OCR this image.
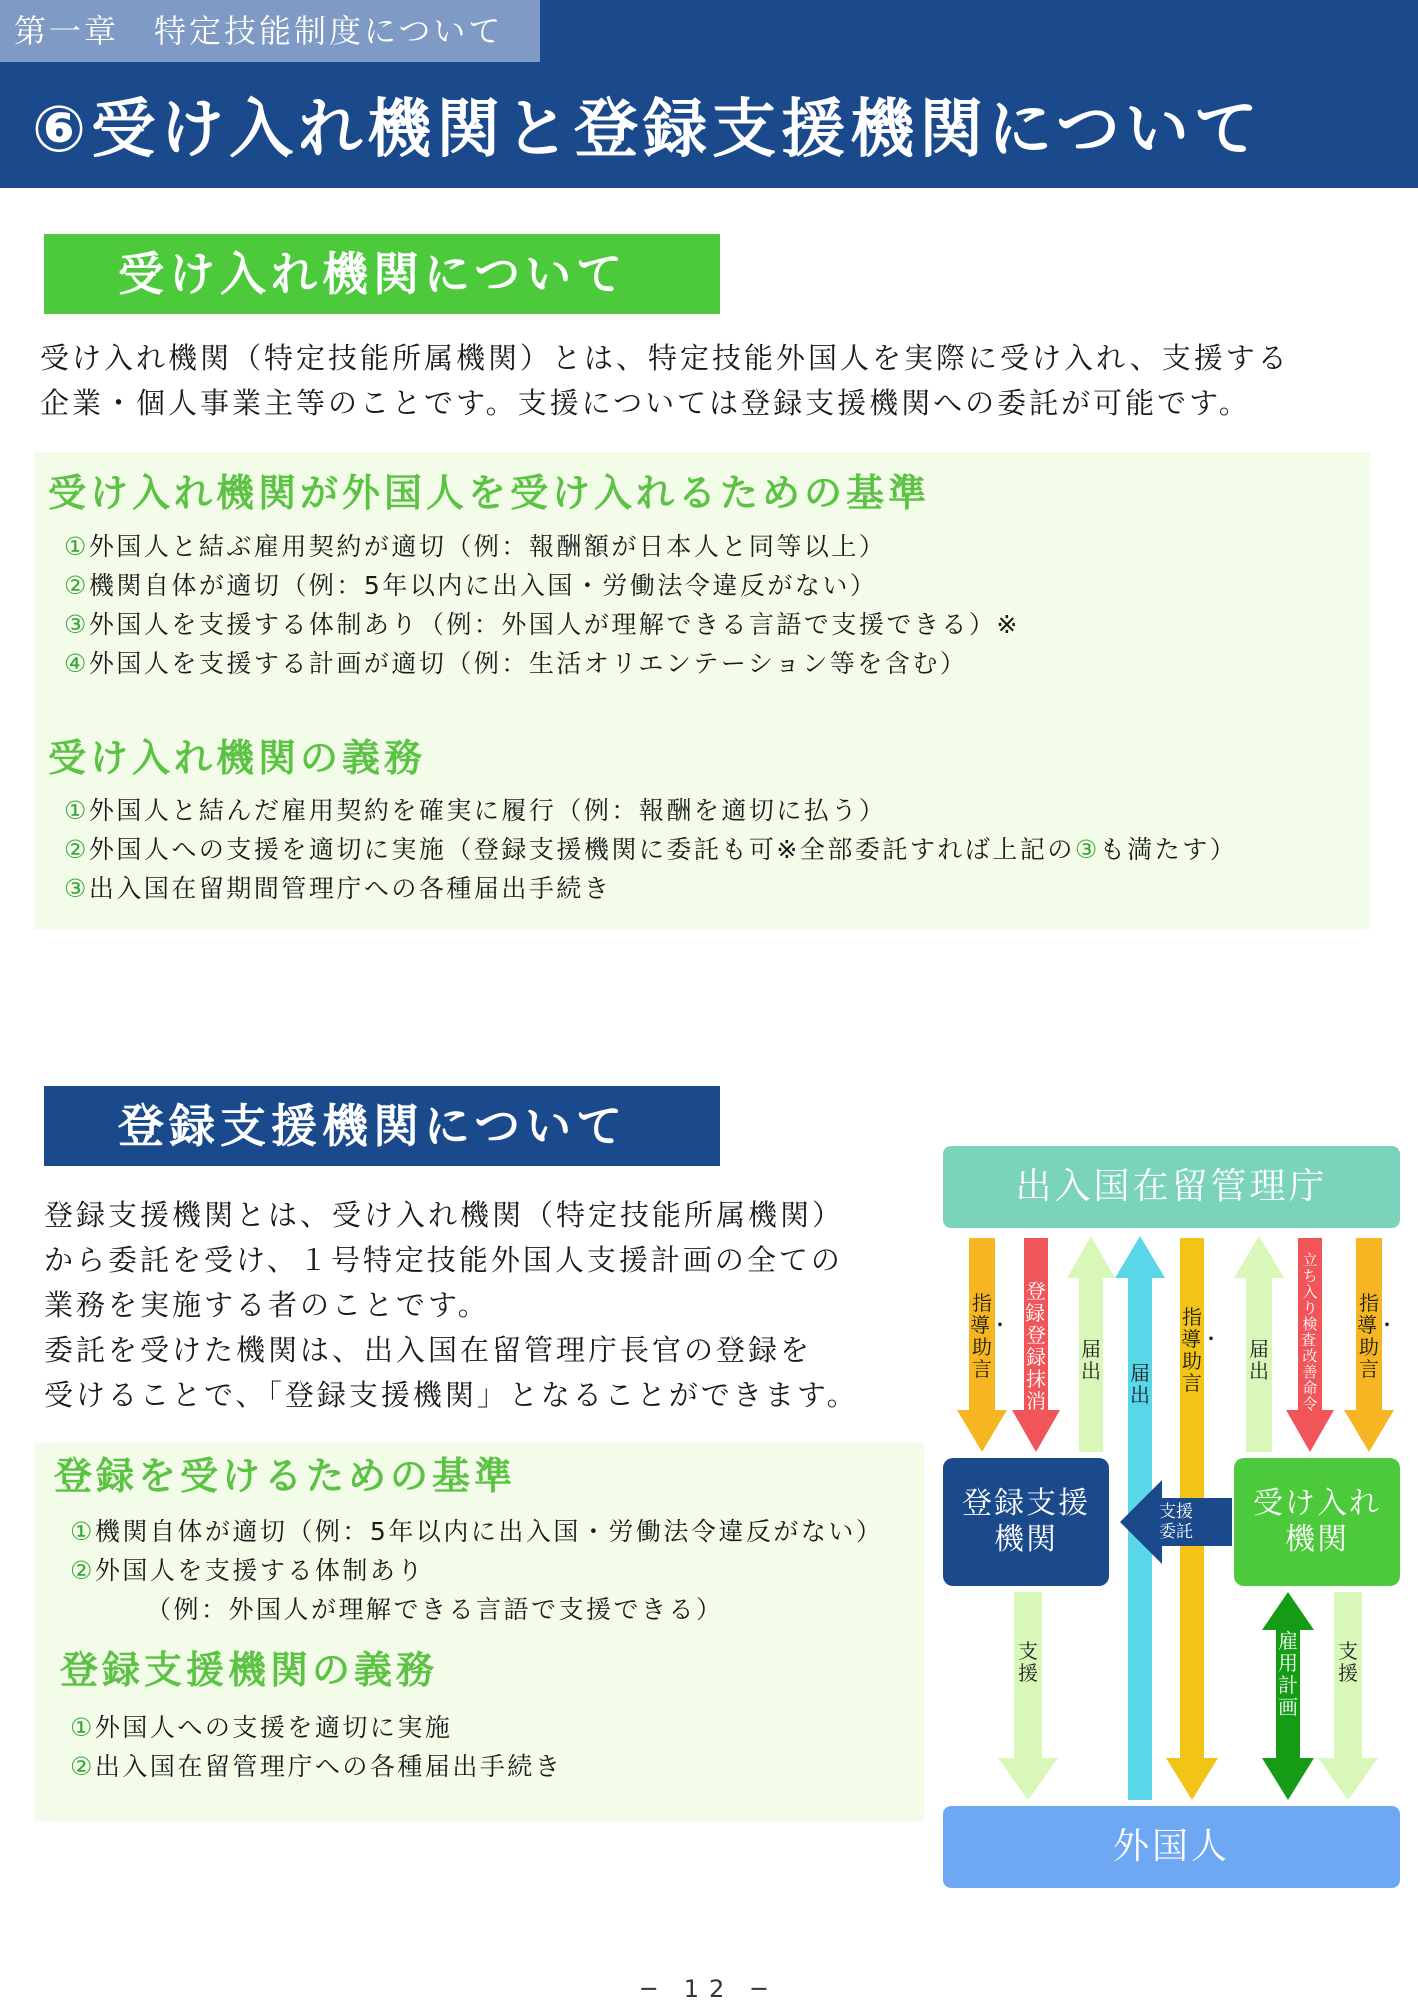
第一章　特定技能制度について
⑥受け入れ機関と登録支援機関について
受け入れ機関について
受け入れ機関（特定技能所属機関）とは、特定技能外国人を実際に受け入れ、支援する
企業・個人事業主等のことです。支援については登録支援機関への委託が可能です。
受け入れ機関が外国人を受け入れるための基準
①外国人と結ぶ雇用契約が適切（例：報酬額が日本人と同等以上）
②機関自体が適切（例：5年以内に出入国・労働法令違反がない）
③外国人を支援する体制あり（例：外国人が理解できる言語で支援できる）※
④外国人を支援する計画が適切（例：生活オリエンテーション等を含む）
受け入れ機関の義務
①外国人と結んだ雇用契約を確実に履行（例：報酬を適切に払う）
②外国人への支援を適切に実施（登録支援機関に委託も可※全部委託すれば上記の③も満たす）
③出入国在留期間管理庁への各種届出手続き
登録支援機関について
登録支援機関とは、受け入れ機関（特定技能所属機関）
から委託を受け、１号特定技能外国人支援計画の全ての
業務を実施する者のことです。
委託を受けた機関は、出入国在留管理庁長官の登録を
受けることで、「登録支援機関」となることができます。
登録を受けるための基準
①機関自体が適切（例：5年以内に出入国・労働法令違反がない）
②外国人を支援する体制あり
（例：外国人が理解できる言語で支援できる）
登録支援機関の義務
①外国人への支援を適切に実施
②出入国在留管理庁への各種届出手続き
指導・助言
登録・登録抹消
届出 届出
指導・助言
届出
立ち入り検査・改善命令
指導・助言
支援
委託
支援
雇用計画
支援
出入国在留管理庁
登録支援
機関
受け入れ
機関
外国人
─ 12 ─
